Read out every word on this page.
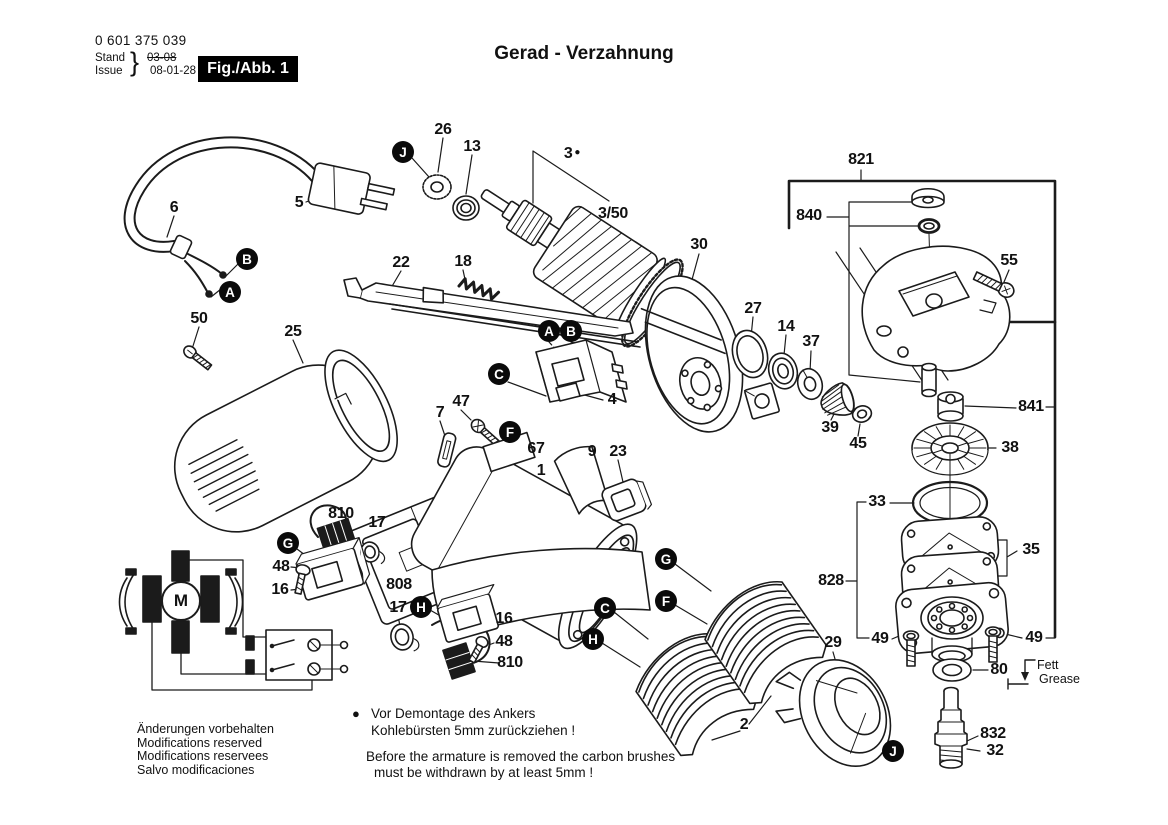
0 601 375 039
Stand
Issue } 03-08
08-01-28 Fig./Abb. 1
Gerad - Verzahnung
26
J	13	3 ●
3/50
5
6
B
A
22	18
30
27
14
37
821
840
55
50
25	A B
C
4
7
47
F
67
1
9 23
39
45
841
38
33
35
810
17
G
48
16	808
17 H
16
48
810
G
F
C
H
828
49	49
29
80
2
J
832
32
M
● Vor Demontage des Ankers
Kohlebürsten 5mm zurückziehen !
Before the armature is removed the carbon brushes
must be withdrawn by at least 5mm !
Fett
Grease
Änderungen vorbehalten
Modifications reserved
Modifications reservees
Salvo modificaciones
